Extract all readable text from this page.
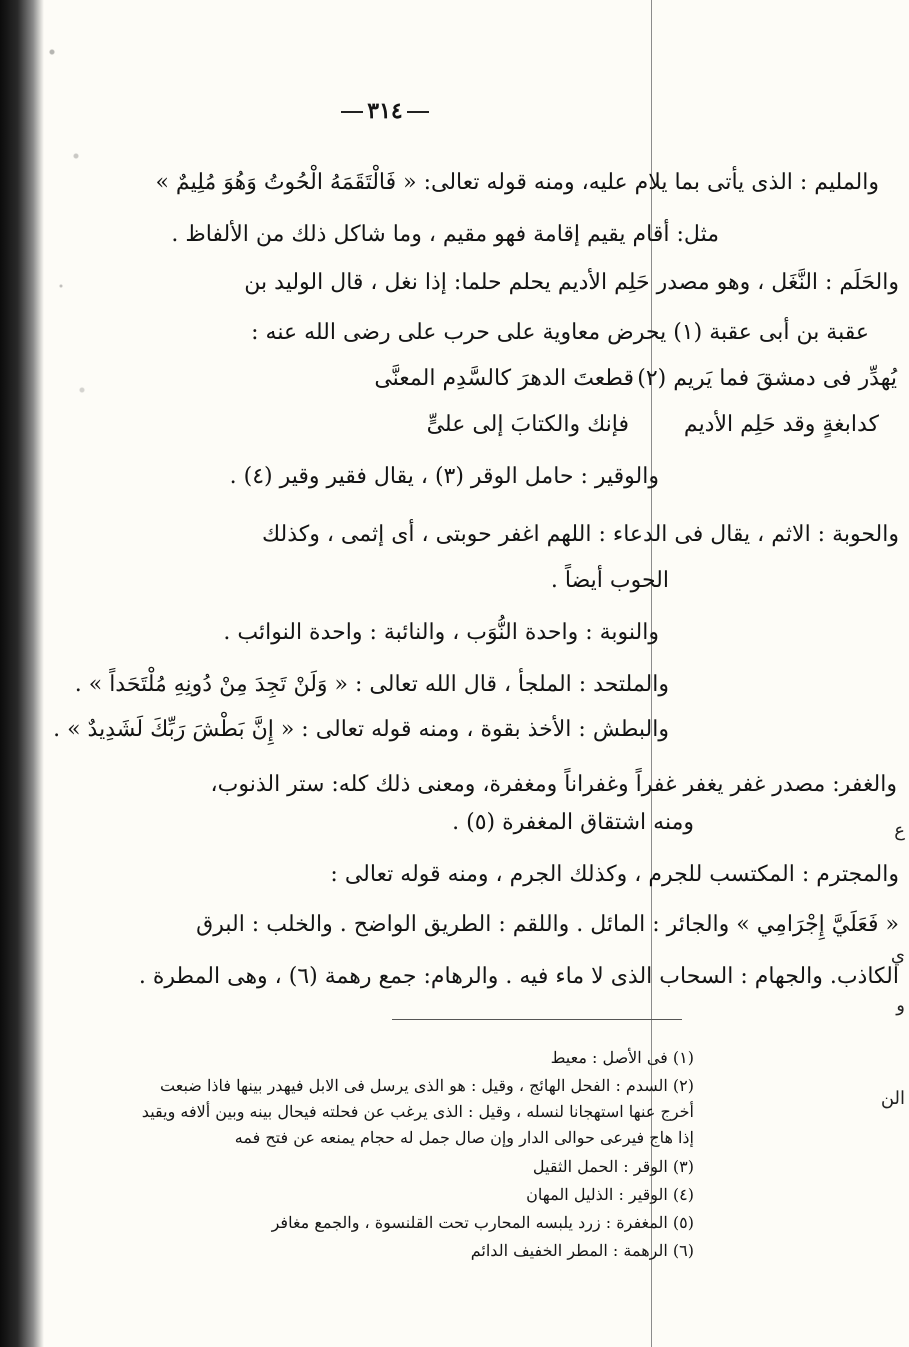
ع
ي
و
الن
٣١٤
والمليم : الذى يأتى بما يلام عليه، ومنه قوله تعالى: « فَالْتَقَمَهُ الْحُوتُ وَهُوَ مُلِيمٌ »
مثل: أقام يقيم إقامة فهو مقيم ، وما شاكل ذلك من الألفاظ .
والحَلَم : النَّغَل ، وهو مصدر حَلِم الأديم يحلم حلما: إذا نغل ، قال الوليد بن
عقبة بن أبى عقبة (١) يحرض معاوية على حرب على رضى الله عنه :
قطعتَ الدهرَ كالسَّدِم المعنَّى يُهدِّر فى دمشقَ فما يَريم (٢)
فإنك والكتابَ إلى علىٍّ كدابغةٍ وقد حَلِم الأديم
والوقير : حامل الوقر (٣) ، يقال فقير وقير (٤) .
والحوبة : الاثم ، يقال فى الدعاء : اللهم اغفر حوبتى ، أى إثمى ، وكذلك
الحوب أيضاً .
والنوبة : واحدة النُّوَب ، والنائبة : واحدة النوائب .
والملتحد : الملجأ ، قال الله تعالى : « وَلَنْ تَجِدَ مِنْ دُونِهِ مُلْتَحَداً » .
والبطش : الأخذ بقوة ، ومنه قوله تعالى : « إِنَّ بَطْشَ رَبِّكَ لَشَدِيدٌ » .
والغفر: مصدر غفر يغفر غفراً وغفراناً ومغفرة، ومعنى ذلك كله: ستر الذنوب،
ومنه اشتقاق المغفرة (٥) .
والمجترم : المكتسب للجرم ، وكذلك الجرم ، ومنه قوله تعالى :
« فَعَلَيَّ إِجْرَامِي » والجائر : المائل . واللقم : الطريق الواضح . والخلب : البرق
الكاذب. والجهام : السحاب الذى لا ماء فيه . والرهام: جمع رهمة (٦) ، وهى المطرة .
(١) فى الأصل : معيط
(٢) السدم : الفحل الهائج ، وقيل : هو الذى يرسل فى الابل فيهدر بينها فاذا ضبعت
أخرج عنها استهجانا لنسله ، وقيل : الذى يرغب عن فحلته فيحال بينه وبين ألافه ويقيد
إذا هاج فيرعى حوالى الدار وإن صال جمل له حجام يمنعه عن فتح فمه
(٣) الوقر : الحمل الثقيل
(٤) الوقير : الذليل المهان
(٥) المغفرة : زرد يلبسه المحارب تحت القلنسوة ، والجمع مغافر
(٦) الرهمة : المطر الخفيف الدائم
